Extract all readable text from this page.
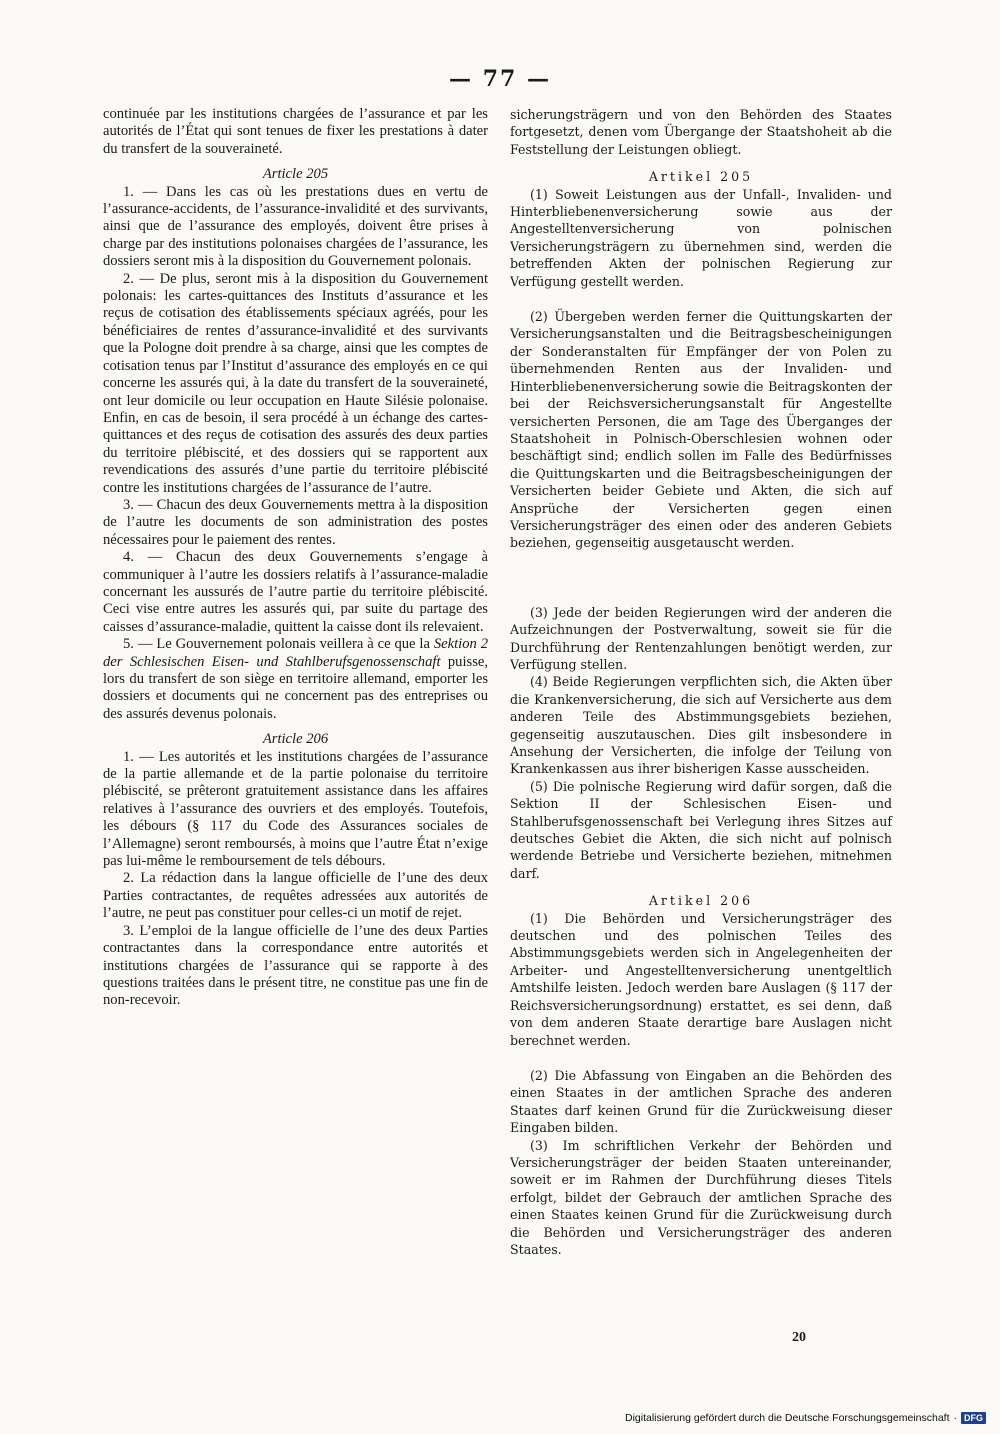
— 77 —

continuée par les institutions chargées de l’assurance et par les autorités de l’État qui sont tenues de fixer les prestations à dater du transfert de la souveraineté.

Article 205

1. — Dans les cas où les prestations dues en vertu de l’assurance-accidents, de l’assurance-invalidité et des survivants, ainsi que de l’assurance des employés, doivent être prises à charge par des institutions polonaises chargées de l’assurance, les dossiers seront mis à la disposition du Gouvernement polonais.

2. — De plus, seront mis à la disposition du Gouvernement polonais: les cartes-quittances des Instituts d’assurance et les reçus de cotisation des établissements spéciaux agréés, pour les bénéficiaires de rentes d’assurance-invalidité et des survivants que la Pologne doit prendre à sa charge, ainsi que les comptes de cotisation tenus par l’Institut d’assurance des employés en ce qui concerne les assurés qui, à la date du transfert de la souveraineté, ont leur domicile ou leur occupation en Haute Silésie polonaise. Enfin, en cas de besoin, il sera procédé à un échange des cartes-quittances et des reçus de cotisation des assurés des deux parties du territoire plébiscité, et des dossiers qui se rapportent aux revendications des assurés d’une partie du territoire plébiscité contre les institutions chargées de l’assurance de l’autre.

3. — Chacun des deux Gouvernements mettra à la disposition de l’autre les documents de son administration des postes nécessaires pour le paiement des rentes.

4. — Chacun des deux Gouvernements s’engage à communiquer à l’autre les dossiers relatifs à l’assurance-maladie concernant les aussurés de l’autre partie du territoire plébiscité. Ceci vise entre autres les assurés qui, par suite du partage des caisses d’assurance-maladie, quittent la caisse dont ils relevaient.

5. — Le Gouvernement polonais veillera à ce que la Sektion 2 der Schlesischen Eisen- und Stahlberufsgenossenschaft puisse, lors du transfert de son siège en territoire allemand, emporter les dossiers et documents qui ne concernent pas des entreprises ou des assurés devenus polonais.

Article 206

1. — Les autorités et les institutions chargées de l’assurance de la partie allemande et de la partie polonaise du territoire plébiscité, se prêteront gratuitement assistance dans les affaires relatives à l’assurance des ouvriers et des employés. Toutefois, les débours (§ 117 du Code des Assurances sociales de l’Allemagne) seront remboursés, à moins que l’autre État n’exige pas lui-même le remboursement de tels débours.

2. La rédaction dans la langue officielle de l’une des deux Parties contractantes, de requêtes adressées aux autorités de l’autre, ne peut pas constituer pour celles-ci un motif de rejet.

3. L’emploi de la langue officielle de l’une des deux Parties contractantes dans la correspondance entre autorités et institutions chargées de l’assurance qui se rapporte à des questions traitées dans le présent titre, ne constitue pas une fin de non-recevoir.

sicherungsträgern und von den Behörden des Staates fortgesetzt, denen vom Übergange der Staatshoheit ab die Feststellung der Leistungen obliegt.

Artikel 205

(1) Soweit Leistungen aus der Unfall-, Invaliden- und Hinterbliebenenversicherung sowie aus der Angestelltenversicherung von polnischen Versicherungsträgern zu übernehmen sind, werden die betreffenden Akten der polnischen Regierung zur Verfügung gestellt werden.

(2) Übergeben werden ferner die Quittungskarten der Versicherungsanstalten und die Beitragsbescheinigungen der Sonderanstalten für Empfänger der von Polen zu übernehmenden Renten aus der Invaliden- und Hinterbliebenenversicherung sowie die Beitragskonten der bei der Reichsversicherungsanstalt für Angestellte versicherten Personen, die am Tage des Überganges der Staatshoheit in Polnisch-Oberschlesien wohnen oder beschäftigt sind; endlich sollen im Falle des Bedürfnisses die Quittungskarten und die Beitragsbescheinigungen der Versicherten beider Gebiete und Akten, die sich auf Ansprüche der Versicherten gegen einen Versicherungsträger des einen oder des anderen Gebiets beziehen, gegenseitig ausgetauscht werden.

(3) Jede der beiden Regierungen wird der anderen die Aufzeichnungen der Postverwaltung, soweit sie für die Durchführung der Rentenzahlungen benötigt werden, zur Verfügung stellen.

(4) Beide Regierungen verpflichten sich, die Akten über die Krankenversicherung, die sich auf Versicherte aus dem anderen Teile des Abstimmungsgebiets beziehen, gegenseitig auszutauschen. Dies gilt insbesondere in Ansehung der Versicherten, die infolge der Teilung von Krankenkassen aus ihrer bisherigen Kasse ausscheiden.

(5) Die polnische Regierung wird dafür sorgen, daß die Sektion II der Schlesischen Eisen- und Stahlberufsgenossenschaft bei Verlegung ihres Sitzes auf deutsches Gebiet die Akten, die sich nicht auf polnisch werdende Betriebe und Versicherte beziehen, mitnehmen darf.

Artikel 206

(1) Die Behörden und Versicherungsträger des deutschen und des polnischen Teiles des Abstimmungsgebiets werden sich in Angelegenheiten der Arbeiter- und Angestelltenversicherung unentgeltlich Amtshilfe leisten. Jedoch werden bare Auslagen (§ 117 der Reichsversicherungsordnung) erstattet, es sei denn, daß von dem anderen Staate derartige bare Auslagen nicht berechnet werden.

(2) Die Abfassung von Eingaben an die Behörden des einen Staates in der amtlichen Sprache des anderen Staates darf keinen Grund für die Zurückweisung dieser Eingaben bilden.

(3) Im schriftlichen Verkehr der Behörden und Versicherungsträger der beiden Staaten untereinander, soweit er im Rahmen der Durchführung dieses Titels erfolgt, bildet der Gebrauch der amtlichen Sprache des einen Staates keinen Grund für die Zurückweisung durch die Behörden und Versicherungsträger des anderen Staates.

20
Digitalisierung gefördert durch die Deutsche Forschungsgemeinschaft · DFG
